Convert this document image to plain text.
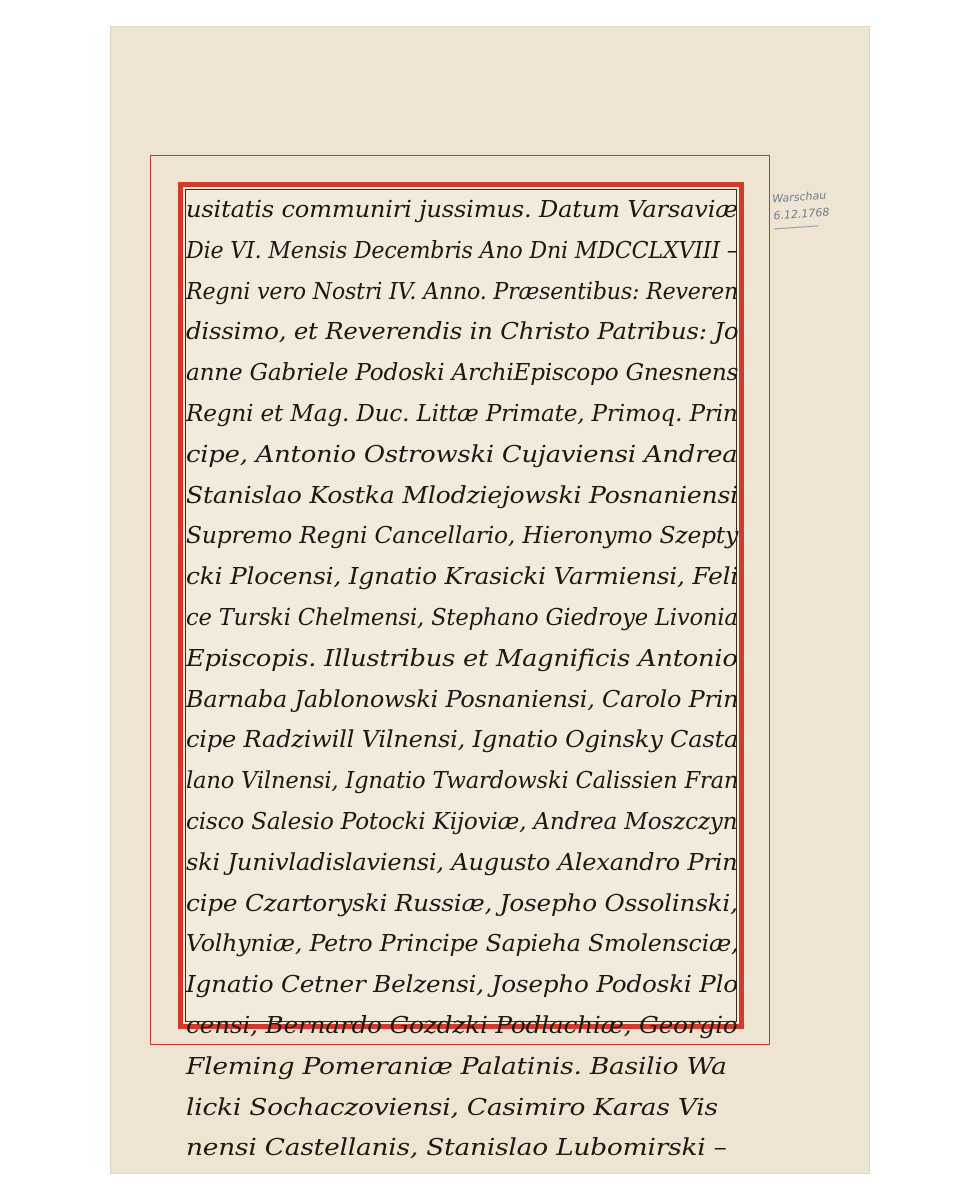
usitatis communiri jussimus. Datum Varsaviæ
Die VI. Mensis Decembris Ano Dni MDCCLXVIII –
Regni vero Nostri IV. Anno. Præsentibus: Reveren
dissimo, et Reverendis in Christo Patribus: Jo
anne Gabriele Podoski ArchiEpiscopo Gnesnens
Regni et Mag. Duc. Littæ Primate, Primoq. Prin
cipe, Antonio Ostrowski Cujaviensi Andrea
Stanislao Kostka Mlodziejowski Posnaniensi
Supremo Regni Cancellario, Hieronymo Szepty
cki Plocensi, Ignatio Krasicki Varmiensi, Feli
ce Turski Chelmensi, Stephano Giedroye Livonia
Episcopis. Illustribus et Magnificis Antonio
Barnaba Jablonowski Posnaniensi, Carolo Prin
cipe Radziwill Vilnensi, Ignatio Oginsky Casta
lano Vilnensi, Ignatio Twardowski Calissien Fran
cisco Salesio Potocki Kijoviæ, Andrea Moszczyn
ski Junivladislaviensi, Augusto Alexandro Prin
cipe Czartoryski Russiæ, Josepho Ossolinski,
Volhyniæ, Petro Principe Sapieha Smolensciæ,
Ignatio Cetner Belzensi, Josepho Podoski Plo
censi, Bernardo Gozdzki Podlachiæ, Georgio
Fleming Pomeraniæ Palatinis. Basilio Wa
licki Sochaczoviensi, Casimiro Karas Vis
nensi Castellanis, Stanislao Lubomirski –
Warschau
6.12.1768
